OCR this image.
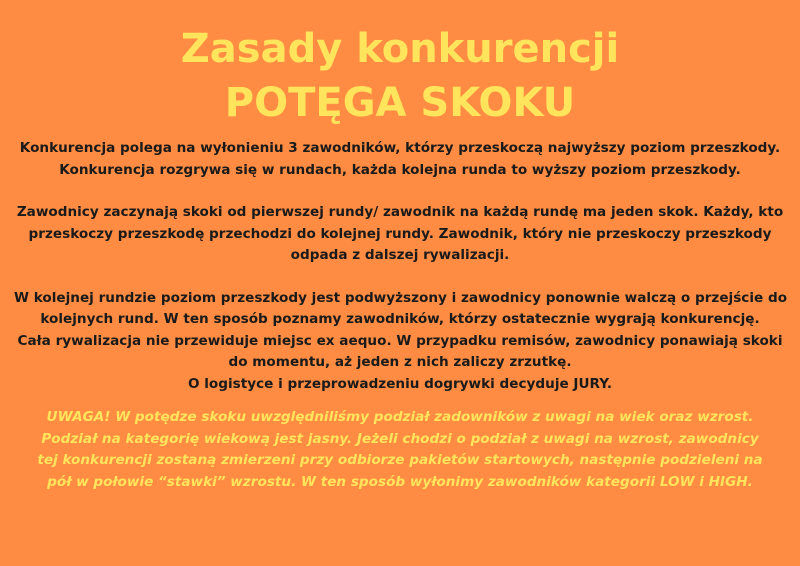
Zasady konkurencji
POTĘGA SKOKU

Konkurencja polega na wyłonieniu 3 zawodników, którzy przeskoczą najwyższy poziom przeszkody.
Konkurencja rozgrywa się w rundach, każda kolejna runda to wyższy poziom przeszkody.

Zawodnicy zaczynają skoki od pierwszej rundy/ zawodnik na każdą rundę ma jeden skok. Każdy, kto
przeskoczy przeszkodę przechodzi do kolejnej rundy. Zawodnik, który nie przeskoczy przeszkody
odpada z dalszej rywalizacji.

W kolejnej rundzie poziom przeszkody jest podwyższony i zawodnicy ponownie walczą o przejście do
kolejnych rund. W ten sposób poznamy zawodników, którzy ostatecznie wygrają konkurencję.
Cała rywalizacja nie przewiduje miejsc ex aequo. W przypadku remisów, zawodnicy ponawiają skoki
do momentu, aż jeden z nich zaliczy zrzutkę.
O logistyce i przeprowadzeniu dogrywki decyduje JURY.

UWAGA! W potędze skoku uwzględniliśmy podział zadowników z uwagi na wiek oraz wzrost.
Podział na kategorię wiekową jest jasny. Jeżeli chodzi o podział z uwagi na wzrost, zawodnicy
tej konkurencji zostaną zmierzeni przy odbiorze pakietów startowych, następnie podzieleni na
pół w połowie “stawki” wzrostu. W ten sposób wyłonimy zawodników kategorii LOW i HIGH.
